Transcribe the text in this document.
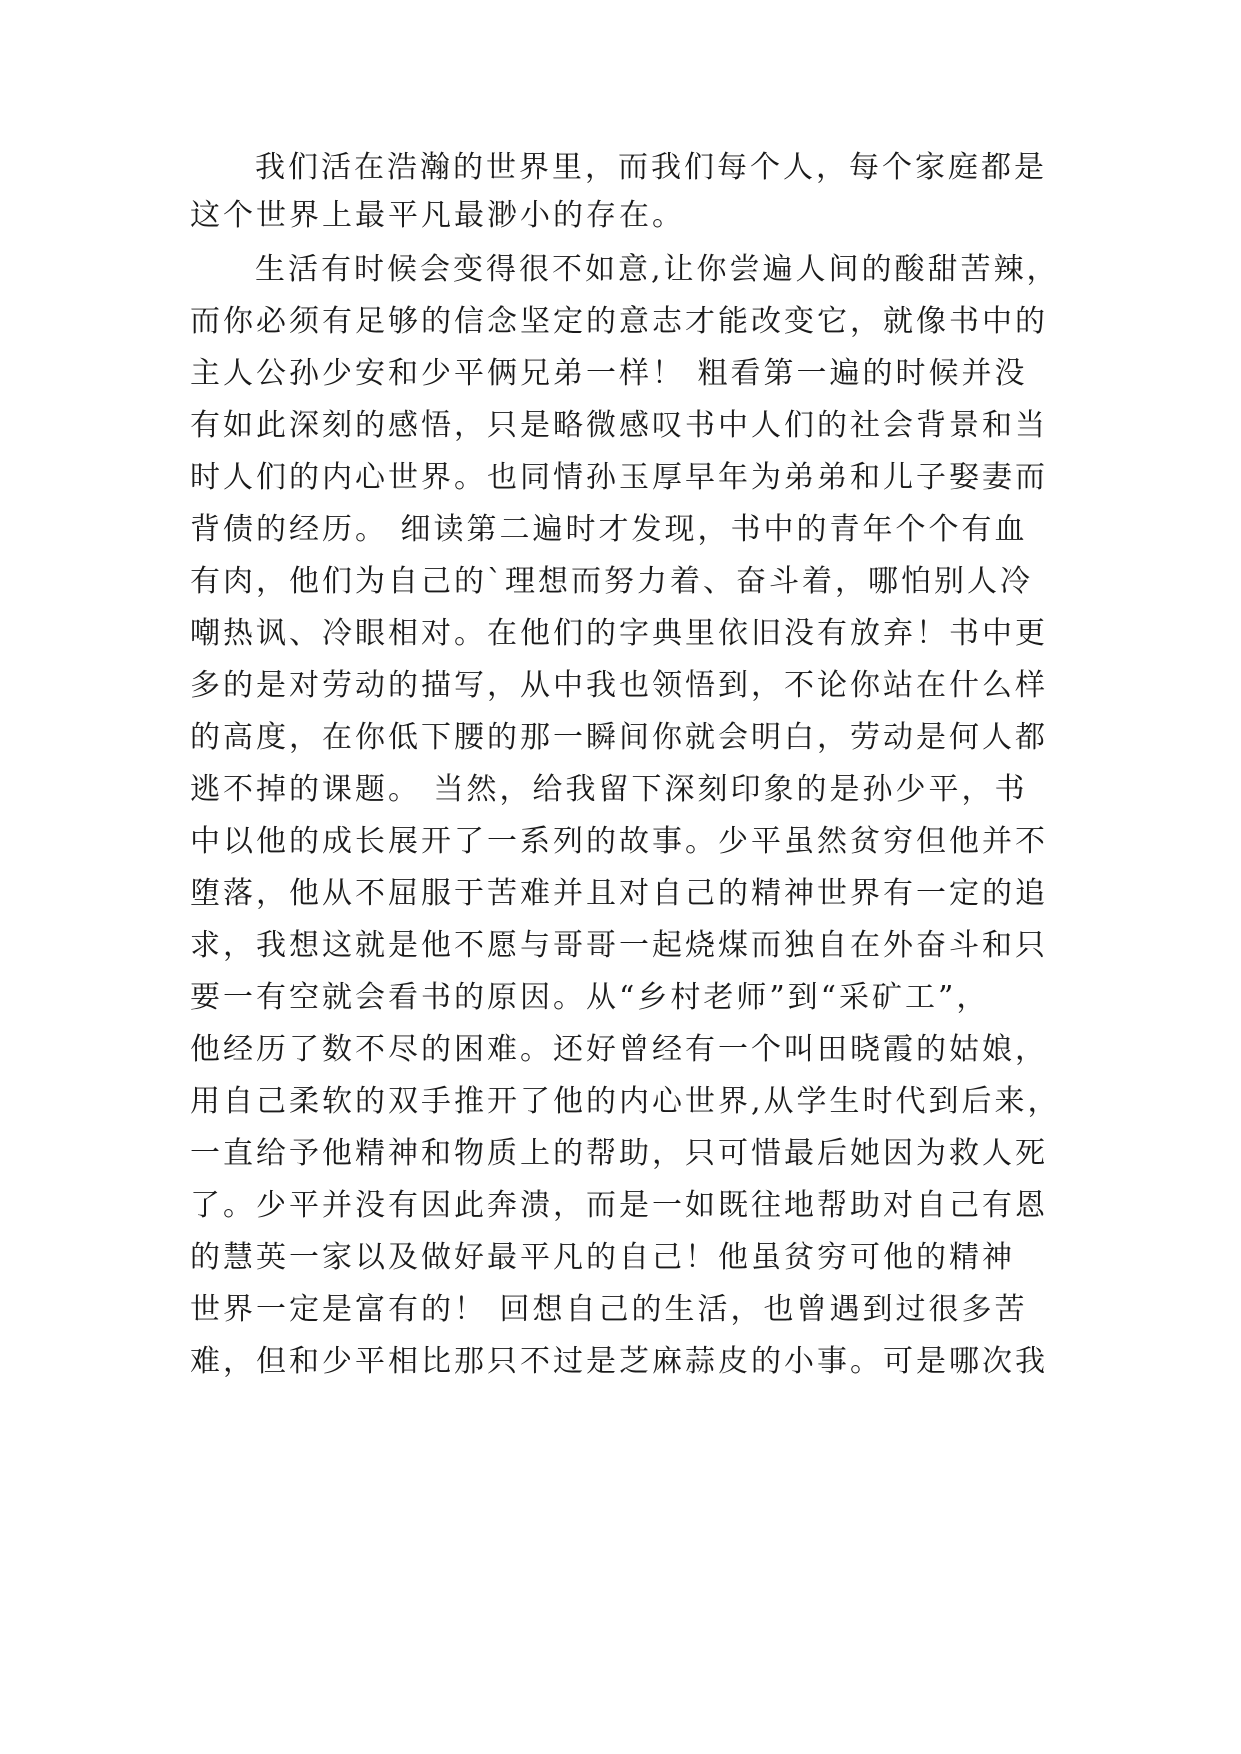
我们活在浩瀚的世界里，而我们每个人，每个家庭都是

这个世界上最平凡最渺小的存在。

生活有时候会变得很不如意,让你尝遍人间的酸甜苦辣，

而你必须有足够的信念坚定的意志才能改变它，就像书中的

主人公孙少安和少平俩兄弟一样！ 粗看第一遍的时候并没

有如此深刻的感悟，只是略微感叹书中人们的社会背景和当

时人们的内心世界。也同情孙玉厚早年为弟弟和儿子娶妻而

背债的经历。 细读第二遍时才发现，书中的青年个个有血

有肉，他们为自己的`理想而努力着、奋斗着，哪怕别人冷

嘲热讽、冷眼相对。在他们的字典里依旧没有放弃！书中更

多的是对劳动的描写，从中我也领悟到，不论你站在什么样

的高度，在你低下腰的那一瞬间你就会明白，劳动是何人都

逃不掉的课题。 当然，给我留下深刻印象的是孙少平，书

中以他的成长展开了一系列的故事。少平虽然贫穷但他并不

堕落，他从不屈服于苦难并且对自己的精神世界有一定的追

求，我想这就是他不愿与哥哥一起烧煤而独自在外奋斗和只

要一有空就会看书的原因。从“乡村老师”到“采矿工”，

他经历了数不尽的困难。还好曾经有一个叫田晓霞的姑娘，

用自己柔软的双手推开了他的内心世界,从学生时代到后来，

一直给予他精神和物质上的帮助，只可惜最后她因为救人死

了。少平并没有因此奔溃，而是一如既往地帮助对自己有恩

的慧英一家以及做好最平凡的自己！他虽贫穷可他的精神

世界一定是富有的！ 回想自己的生活，也曾遇到过很多苦

难，但和少平相比那只不过是芝麻蒜皮的小事。可是哪次我
